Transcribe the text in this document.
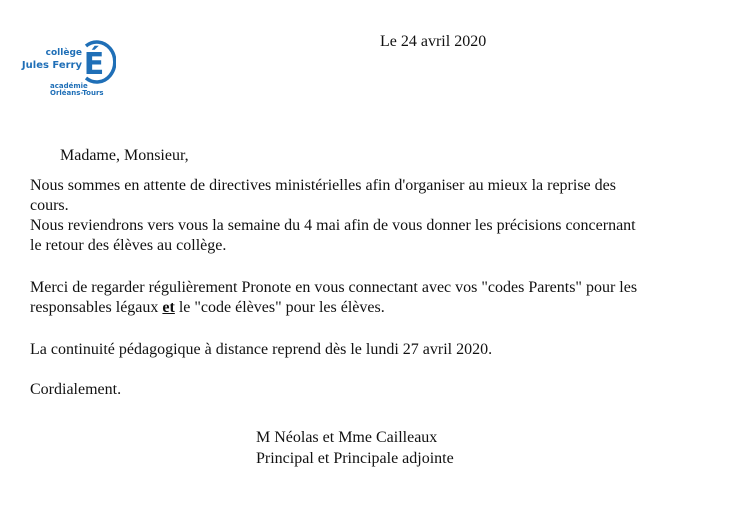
É
collège
Jules Ferry
académie
Orléans-Tours
Le 24 avril 2020
Madame, Monsieur,
Nous sommes en attente de directives ministérielles afin d'organiser au mieux la reprise des
cours.
Nous reviendrons vers vous la semaine du 4 mai afin de vous donner les précisions concernant
le retour des élèves au collège.
Merci de regarder régulièrement Pronote en vous connectant avec vos "codes Parents" pour les
responsables légaux et le "code élèves" pour les élèves.
La continuité pédagogique à distance reprend dès le lundi 27 avril 2020.
Cordialement.
M Néolas et Mme Cailleaux
Principal et Principale adjointe
